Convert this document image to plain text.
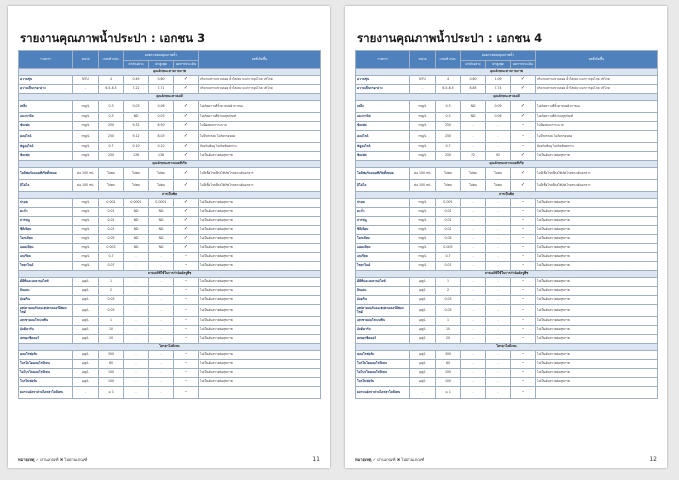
รายงานคุณภาพน้ำประปา : เอกชน 3
รายการ	หน่วย	เกณฑ์ กปภ.	ผลตรวจสอบคุณภาพน้ำ			ผลที่เกิดขึ้น
			ค่าตัวอย่าง	ค่าสูงสุด	ผลการประเมิน	
คุณลักษณะทางกายภาพ						
ความขุ่น	NTU	4	0.49	0.60	✓	ปริมาณสารแขวนลอย น้ำใสเหมาะแก่การอุปโภค บริโภค
ความเป็นกรด-ด่าง	-	6.5-8.5	7.22	7.71	✓	ปริมาณสารแขวนลอย น้ำใสเหมาะแก่การอุปโภค บริโภค
คุณลักษณะทางเคมี						
เหล็ก	mg/L	0.3	0.03	0.06	✓	ไม่เกิดคราบสีน้ำตาลบนผิวภาชนะ
แมงกานีส	mg/L	0.3	ND	0.03	✓	ไม่เกิดคราบสีดำบนสุขภัณฑ์
ซัลเฟต	mg/L	250	9.32	8.50	✓	ไม่มีผลต่อการระบาย
คลอไรด์	mg/L	250	9.12	8.03	✓	ไม่มีรสกร่อย ไม่กัดกร่อนท่อ
ฟลูออไรด์	mg/L	0.7	0.10	0.10	✓	ป้องกันฟันผุ ไม่เกิดฟันตกกระ
ซัลเฟต	mg/L	250	136	138	✓	ไม่เป็นอันตรายต่อสุขภาพ
คุณลักษณะทางแบคทีเรีย						
โคลิฟอร์มแบคทีเรียทั้งหมด	ต่อ 100 mL	ไม่พบ	ไม่พบ	ไม่พบ	✓	ไม่มีเชื้อโรคที่ก่อให้เกิดโรคทางเดินอาหาร
อีโคไล	ต่อ 100 mL	ไม่พบ	ไม่พบ	ไม่พบ	✓	ไม่มีเชื้อโรคที่ก่อให้เกิดโรคทางเดินอาหาร
สารเป็นพิษ						
ปรอท	mg/L	0.001	0.0001	0.0001	✓	ไม่เป็นอันตรายต่อสุขภาพ
ตะกั่ว	mg/L	0.01	ND	ND	✓	ไม่เป็นอันตรายต่อสุขภาพ
สารหนู	mg/L	0.01	ND	ND	✓	ไม่เป็นอันตรายต่อสุขภาพ
ซีลีเนียม	mg/L	0.01	ND	ND	✓	ไม่เป็นอันตรายต่อสุขภาพ
โครเมียม	mg/L	0.05	ND	ND	✓	ไม่เป็นอันตรายต่อสุขภาพ
แคดเมียม	mg/L	0.003	ND	ND	✓	ไม่เป็นอันตรายต่อสุขภาพ
แบเรียม	mg/L	0.7	-	-	-	ไม่เป็นอันตรายต่อสุขภาพ
ไซยาไนด์	mg/L	0.07	-	-	-	ไม่เป็นอันตรายต่อสุขภาพ
สารเคมีที่ใช้ในการกำจัดศัตรูพืช						
ดีดีทีและเมตาบอไลท์	μg/L	1	-	-	-	ไม่เป็นอันตรายต่อสุขภาพ
ลินเดน	μg/L	2	-	-	-	ไม่เป็นอันตรายต่อสุขภาพ
อัลดริน	μg/L	0.03	-	-	-	ไม่เป็นอันตรายต่อสุขภาพ
เฮปตาคลอร์และเฮปตาคลอร์อีพอกไซด์	μg/L	0.03	-	-	-	ไม่เป็นอันตรายต่อสุขภาพ
เฮกซาคลอโรเบนซีน	μg/L	1	-	-	-	ไม่เป็นอันตรายต่อสุขภาพ
อัลดิคาร์บ	μg/L	10	-	-	-	ไม่เป็นอันตรายต่อสุขภาพ
เมทอกซีคลอร์	μg/L	20	-	-	-	ไม่เป็นอันตรายต่อสุขภาพ
ไตรฮาโลมีเทน						
คลอโรฟอร์ม	μg/L	300	-	-	-	ไม่เป็นอันตรายต่อสุขภาพ
โบรโมไดคลอโรมีเทน	μg/L	60	-	-	-	ไม่เป็นอันตรายต่อสุขภาพ
ไดโบรโมคลอโรมีเทน	μg/L	100	-	-	-	ไม่เป็นอันตรายต่อสุขภาพ
โบรโมฟอร์ม	μg/L	100	-	-	-	ไม่เป็นอันตรายต่อสุขภาพ
ผลรวมอัตราส่วนไตรฮาโลมีเทน	-	≤ 1	-	-	-	
หมายเหตุ ✓ ผ่านเกณฑ์ ✖ ไม่ผ่านเกณฑ์	11
รายงานคุณภาพน้ำประปา : เอกชน 4
รายการ	หน่วย	เกณฑ์ กปภ.	ผลตรวจสอบคุณภาพน้ำ			ผลที่เกิดขึ้น
			ค่าตัวอย่าง	ค่าสูงสุด	ผลการประเมิน	
คุณลักษณะทางกายภาพ						
ความขุ่น	NTU	4	0.60	1.09	✓	ปริมาณสารแขวนลอย น้ำใสเหมาะแก่การอุปโภค บริโภค
ความเป็นกรด-ด่าง	-	6.5-8.5	6.85	7.74	✓	ปริมาณสารแขวนลอย น้ำใสเหมาะแก่การอุปโภค บริโภค
คุณลักษณะทางเคมี						
เหล็ก	mg/L	0.3	ND	0.09	✓	ไม่เกิดคราบสีน้ำตาลบนผิวภาชนะ
แมงกานีส	mg/L	0.3	ND	0.06	✓	ไม่เกิดคราบสีดำบนสุขภัณฑ์
ซัลเฟต	mg/L	250	-	-	-	ไม่มีผลต่อการระบาย
คลอไรด์	mg/L	250	-	-	-	ไม่มีรสกร่อย ไม่กัดกร่อนท่อ
ฟลูออไรด์	mg/L	0.7	-	-	-	ป้องกันฟันผุ ไม่เกิดฟันตกกระ
ซัลเฟต	mg/L	250	72	92	✓	ไม่เป็นอันตรายต่อสุขภาพ
คุณลักษณะทางแบคทีเรีย						
โคลิฟอร์มแบคทีเรียทั้งหมด	ต่อ 100 mL	ไม่พบ	ไม่พบ	ไม่พบ	✓	ไม่มีเชื้อโรคที่ก่อให้เกิดโรคทางเดินอาหาร
อีโคไล	ต่อ 100 mL	ไม่พบ	ไม่พบ	ไม่พบ	✓	ไม่มีเชื้อโรคที่ก่อให้เกิดโรคทางเดินอาหาร
สารเป็นพิษ						
ปรอท	mg/L	0.001	-	-	-	ไม่เป็นอันตรายต่อสุขภาพ
ตะกั่ว	mg/L	0.01	-	-	-	ไม่เป็นอันตรายต่อสุขภาพ
สารหนู	mg/L	0.01	-	-	-	ไม่เป็นอันตรายต่อสุขภาพ
ซีลีเนียม	mg/L	0.01	-	-	-	ไม่เป็นอันตรายต่อสุขภาพ
โครเมียม	mg/L	0.05	-	-	-	ไม่เป็นอันตรายต่อสุขภาพ
แคดเมียม	mg/L	0.003	-	-	-	ไม่เป็นอันตรายต่อสุขภาพ
แบเรียม	mg/L	0.7	-	-	-	ไม่เป็นอันตรายต่อสุขภาพ
ไซยาไนด์	mg/L	0.07	-	-	-	ไม่เป็นอันตรายต่อสุขภาพ
สารเคมีที่ใช้ในการกำจัดศัตรูพืช						
ดีดีทีและเมตาบอไลท์	μg/L	1	-	-	-	ไม่เป็นอันตรายต่อสุขภาพ
ลินเดน	μg/L	2	-	-	-	ไม่เป็นอันตรายต่อสุขภาพ
อัลดริน	μg/L	0.03	-	-	-	ไม่เป็นอันตรายต่อสุขภาพ
เฮปตาคลอร์และเฮปตาคลอร์อีพอกไซด์	μg/L	0.03	-	-	-	ไม่เป็นอันตรายต่อสุขภาพ
เฮกซาคลอโรเบนซีน	μg/L	1	-	-	-	ไม่เป็นอันตรายต่อสุขภาพ
อัลดิคาร์บ	μg/L	10	-	-	-	ไม่เป็นอันตรายต่อสุขภาพ
เมทอกซีคลอร์	μg/L	20	-	-	-	ไม่เป็นอันตรายต่อสุขภาพ
ไตรฮาโลมีเทน						
คลอโรฟอร์ม	μg/L	300	-	-	-	ไม่เป็นอันตรายต่อสุขภาพ
โบรโมไดคลอโรมีเทน	μg/L	60	-	-	-	ไม่เป็นอันตรายต่อสุขภาพ
ไดโบรโมคลอโรมีเทน	μg/L	100	-	-	-	ไม่เป็นอันตรายต่อสุขภาพ
โบรโมฟอร์ม	μg/L	100	-	-	-	ไม่เป็นอันตรายต่อสุขภาพ
ผลรวมอัตราส่วนไตรฮาโลมีเทน	-	≤ 1	-	-	-	
หมายเหตุ ✓ ผ่านเกณฑ์ ✖ ไม่ผ่านเกณฑ์	12
